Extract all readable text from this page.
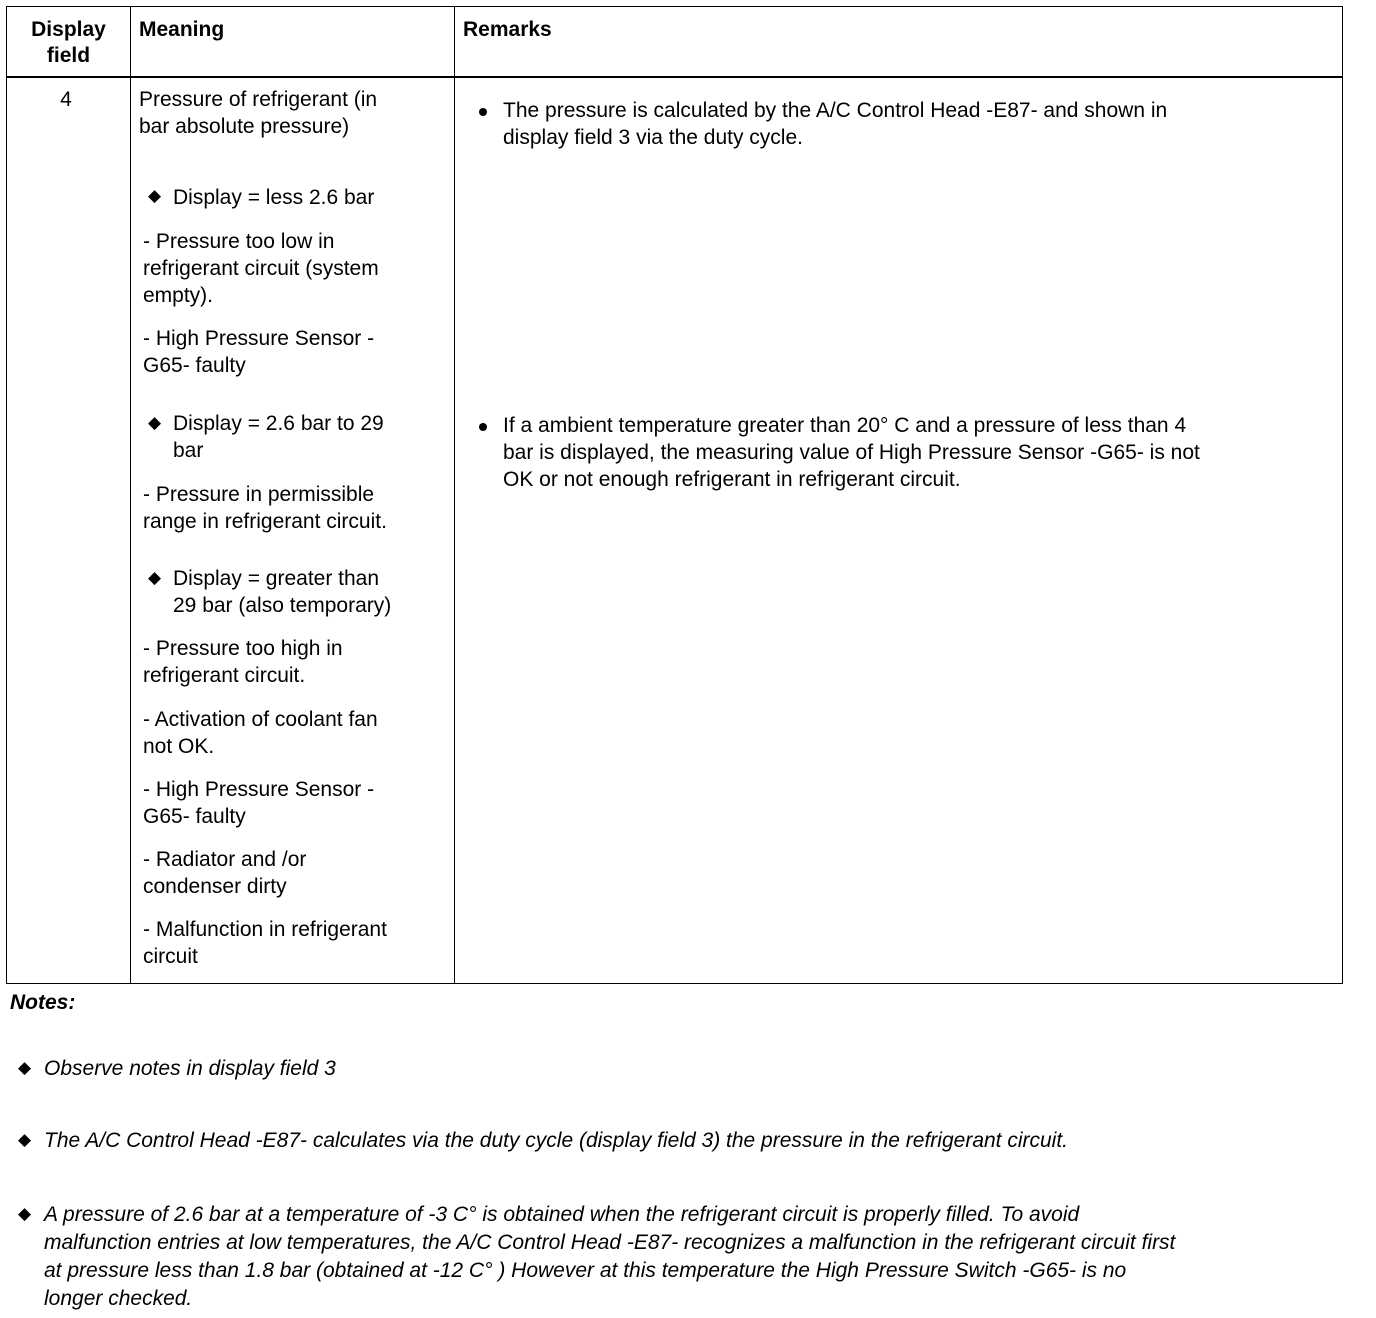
Display
field
Meaning	Remarks
4	Pressure of refrigerant (in
bar absolute pressure)
◆ Display = less 2.6 bar
- Pressure too low in
refrigerant circuit (system
empty).
- High Pressure Sensor -
G65- faulty
◆ Display = 2.6 bar to 29
bar
- Pressure in permissible
range in refrigerant circuit.
◆ Display = greater than
29 bar (also temporary)
- Pressure too high in
refrigerant circuit.
- Activation of coolant fan
not OK.
- High Pressure Sensor -
G65- faulty
- Radiator and /or
condenser dirty
- Malfunction in refrigerant
circuit
The pressure is calculated by the A/C Control Head -E87- and shown in
display field 3 via the duty cycle.
If a ambient temperature greater than 20° C and a pressure of less than 4
bar is displayed, the measuring value of High Pressure Sensor -G65- is not
OK or not enough refrigerant in refrigerant circuit.
Notes:
◆ Observe notes in display field 3
◆ The A/C Control Head -E87- calculates via the duty cycle (display field 3) the pressure in the refrigerant circuit.
◆ A pressure of 2.6 bar at a temperature of -3 C° is obtained when the refrigerant circuit is properly filled. To avoid
malfunction entries at low temperatures, the A/C Control Head -E87- recognizes a malfunction in the refrigerant circuit first
at pressure less than 1.8 bar (obtained at -12 C° ) However at this temperature the High Pressure Switch -G65- is no
longer checked.
